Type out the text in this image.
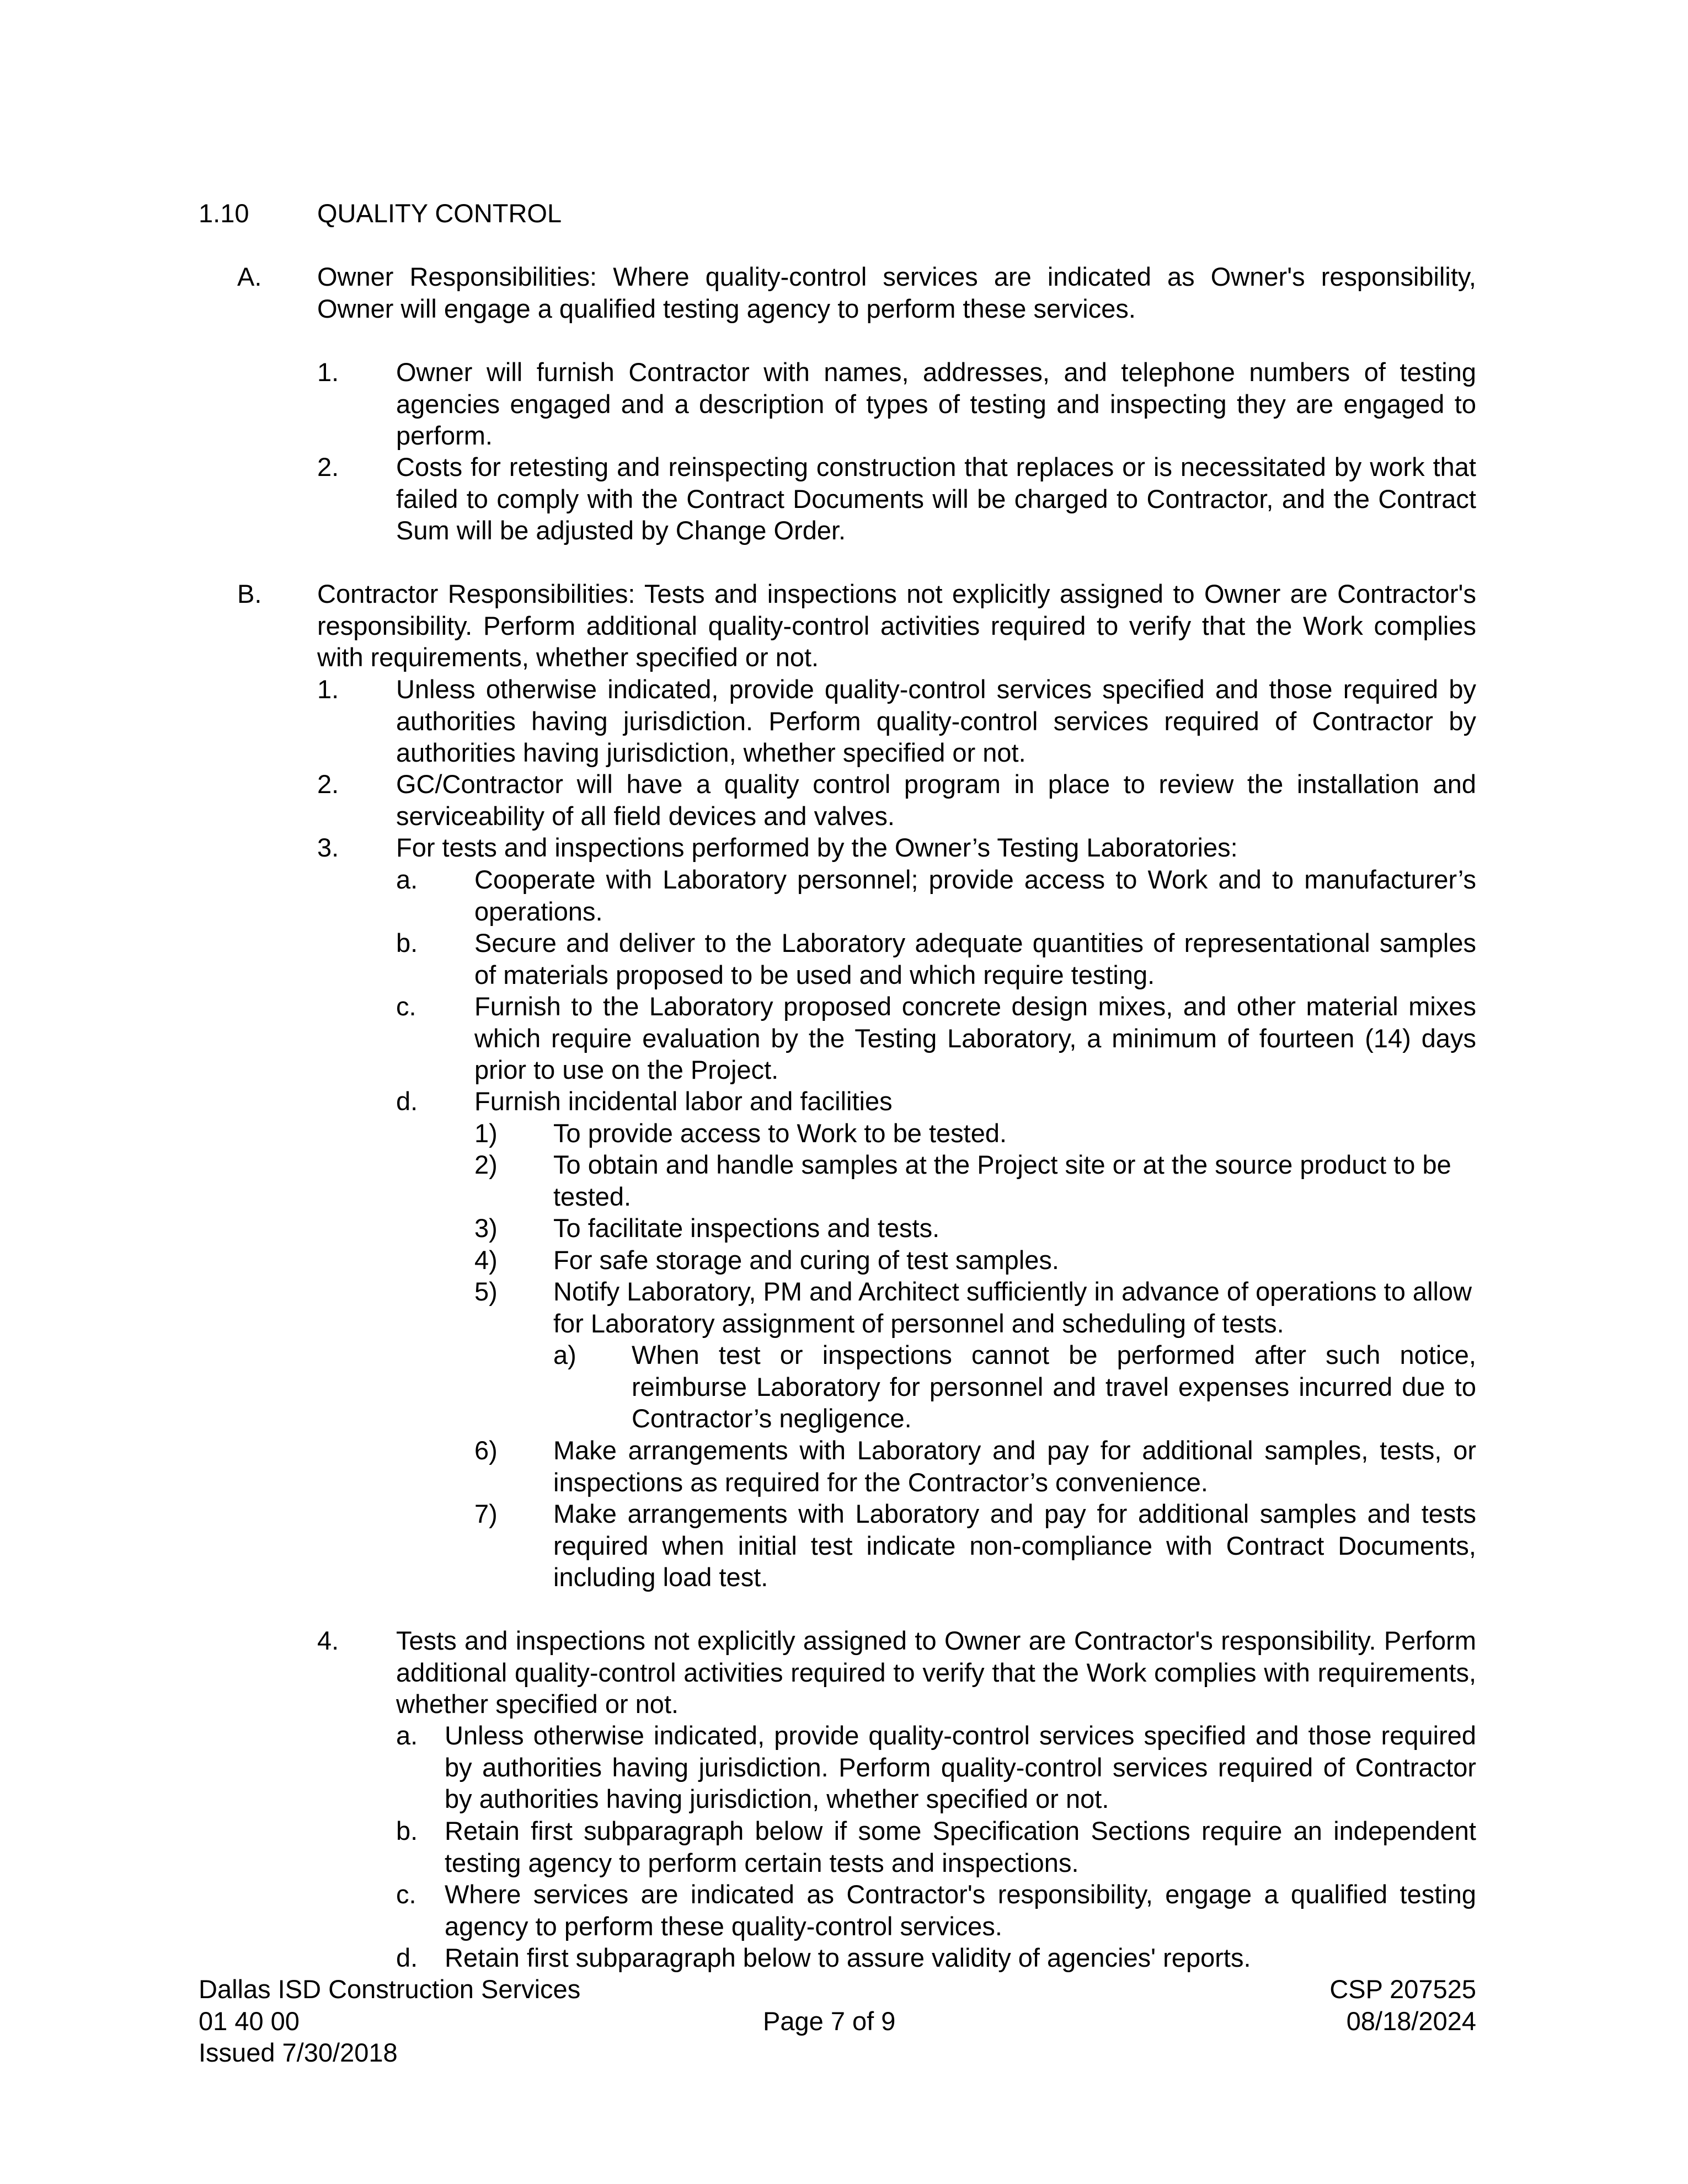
1.10	QUALITY CONTROL
A. Owner Responsibilities: Where quality-control services are indicated as Owner's responsibility, Owner will engage a qualified testing agency to perform these services.
1. Owner will furnish Contractor with names, addresses, and telephone numbers of testing agencies engaged and a description of types of testing and inspecting they are engaged to perform.
2. Costs for retesting and reinspecting construction that replaces or is necessitated by work that failed to comply with the Contract Documents will be charged to Contractor, and the Contract Sum will be adjusted by Change Order.
B. Contractor Responsibilities: Tests and inspections not explicitly assigned to Owner are Contractor's responsibility. Perform additional quality-control activities required to verify that the Work complies with requirements, whether specified or not.
1. Unless otherwise indicated, provide quality-control services specified and those required by authorities having jurisdiction. Perform quality-control services required of Contractor by authorities having jurisdiction, whether specified or not.
2. GC/Contractor will have a quality control program in place to review the installation and serviceability of all field devices and valves.
3. For tests and inspections performed by the Owner’s Testing Laboratories:
a. Cooperate with Laboratory personnel; provide access to Work and to manufacturer’s operations.
b. Secure and deliver to the Laboratory adequate quantities of representational samples of materials proposed to be used and which require testing.
c. Furnish to the Laboratory proposed concrete design mixes, and other material mixes which require evaluation by the Testing Laboratory, a minimum of fourteen (14) days prior to use on the Project.
d. Furnish incidental labor and facilities
1) To provide access to Work to be tested.
2) To obtain and handle samples at the Project site or at the source product to be tested.
3) To facilitate inspections and tests.
4) For safe storage and curing of test samples.
5) Notify Laboratory, PM and Architect sufficiently in advance of operations to allow for Laboratory assignment of personnel and scheduling of tests.
a) When test or inspections cannot be performed after such notice, reimburse Laboratory for personnel and travel expenses incurred due to Contractor’s negligence.
6) Make arrangements with Laboratory and pay for additional samples, tests, or inspections as required for the Contractor’s convenience.
7) Make arrangements with Laboratory and pay for additional samples and tests required when initial test indicate non-compliance with Contract Documents, including load test.
4. Tests and inspections not explicitly assigned to Owner are Contractor's responsibility. Perform additional quality-control activities required to verify that the Work complies with requirements, whether specified or not.
a. Unless otherwise indicated, provide quality-control services specified and those required by authorities having jurisdiction. Perform quality-control services required of Contractor by authorities having jurisdiction, whether specified or not.
b. Retain first subparagraph below if some Specification Sections require an independent testing agency to perform certain tests and inspections.
c. Where services are indicated as Contractor's responsibility, engage a qualified testing agency to perform these quality-control services.
d. Retain first subparagraph below to assure validity of agencies' reports.
Dallas ISD Construction Services
01 40 00
Issued 7/30/2018
Page 7 of 9
CSP 207525
08/18/2024
